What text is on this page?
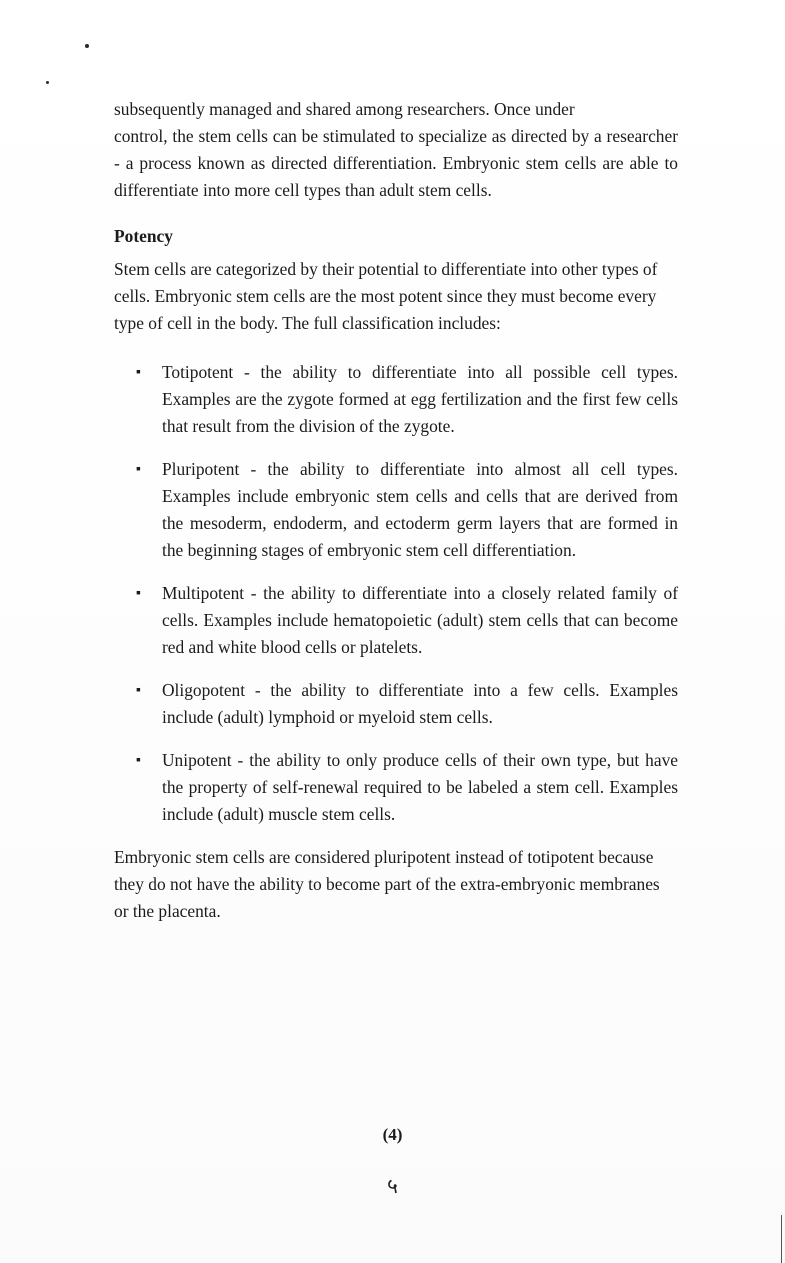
subsequently managed and shared among researchers. Once under

control, the stem cells can be stimulated to specialize as directed by a researcher - a process known as directed differentiation. Embryonic stem cells are able to differentiate into more cell types than adult stem cells.

Potency

Stem cells are categorized by their potential to differentiate into other types of cells. Embryonic stem cells are the most potent since they must become every type of cell in the body. The full classification includes:

▪ Totipotent - the ability to differentiate into all possible cell types. Examples are the zygote formed at egg fertilization and the first few cells that result from the division of the zygote.
▪ Pluripotent - the ability to differentiate into almost all cell types. Examples include embryonic stem cells and cells that are derived from the mesoderm, endoderm, and ectoderm germ layers that are formed in the beginning stages of embryonic stem cell differentiation.
▪ Multipotent - the ability to differentiate into a closely related family of cells. Examples include hematopoietic (adult) stem cells that can become red and white blood cells or platelets.
▪ Oligopotent - the ability to differentiate into a few cells. Examples include (adult) lymphoid or myeloid stem cells.
▪ Unipotent - the ability to only produce cells of their own type, but have the property of self-renewal required to be labeled a stem cell. Examples include (adult) muscle stem cells.

Embryonic stem cells are considered pluripotent instead of totipotent because they do not have the ability to become part of the extra-embryonic membranes or the placenta.

(4)
५
